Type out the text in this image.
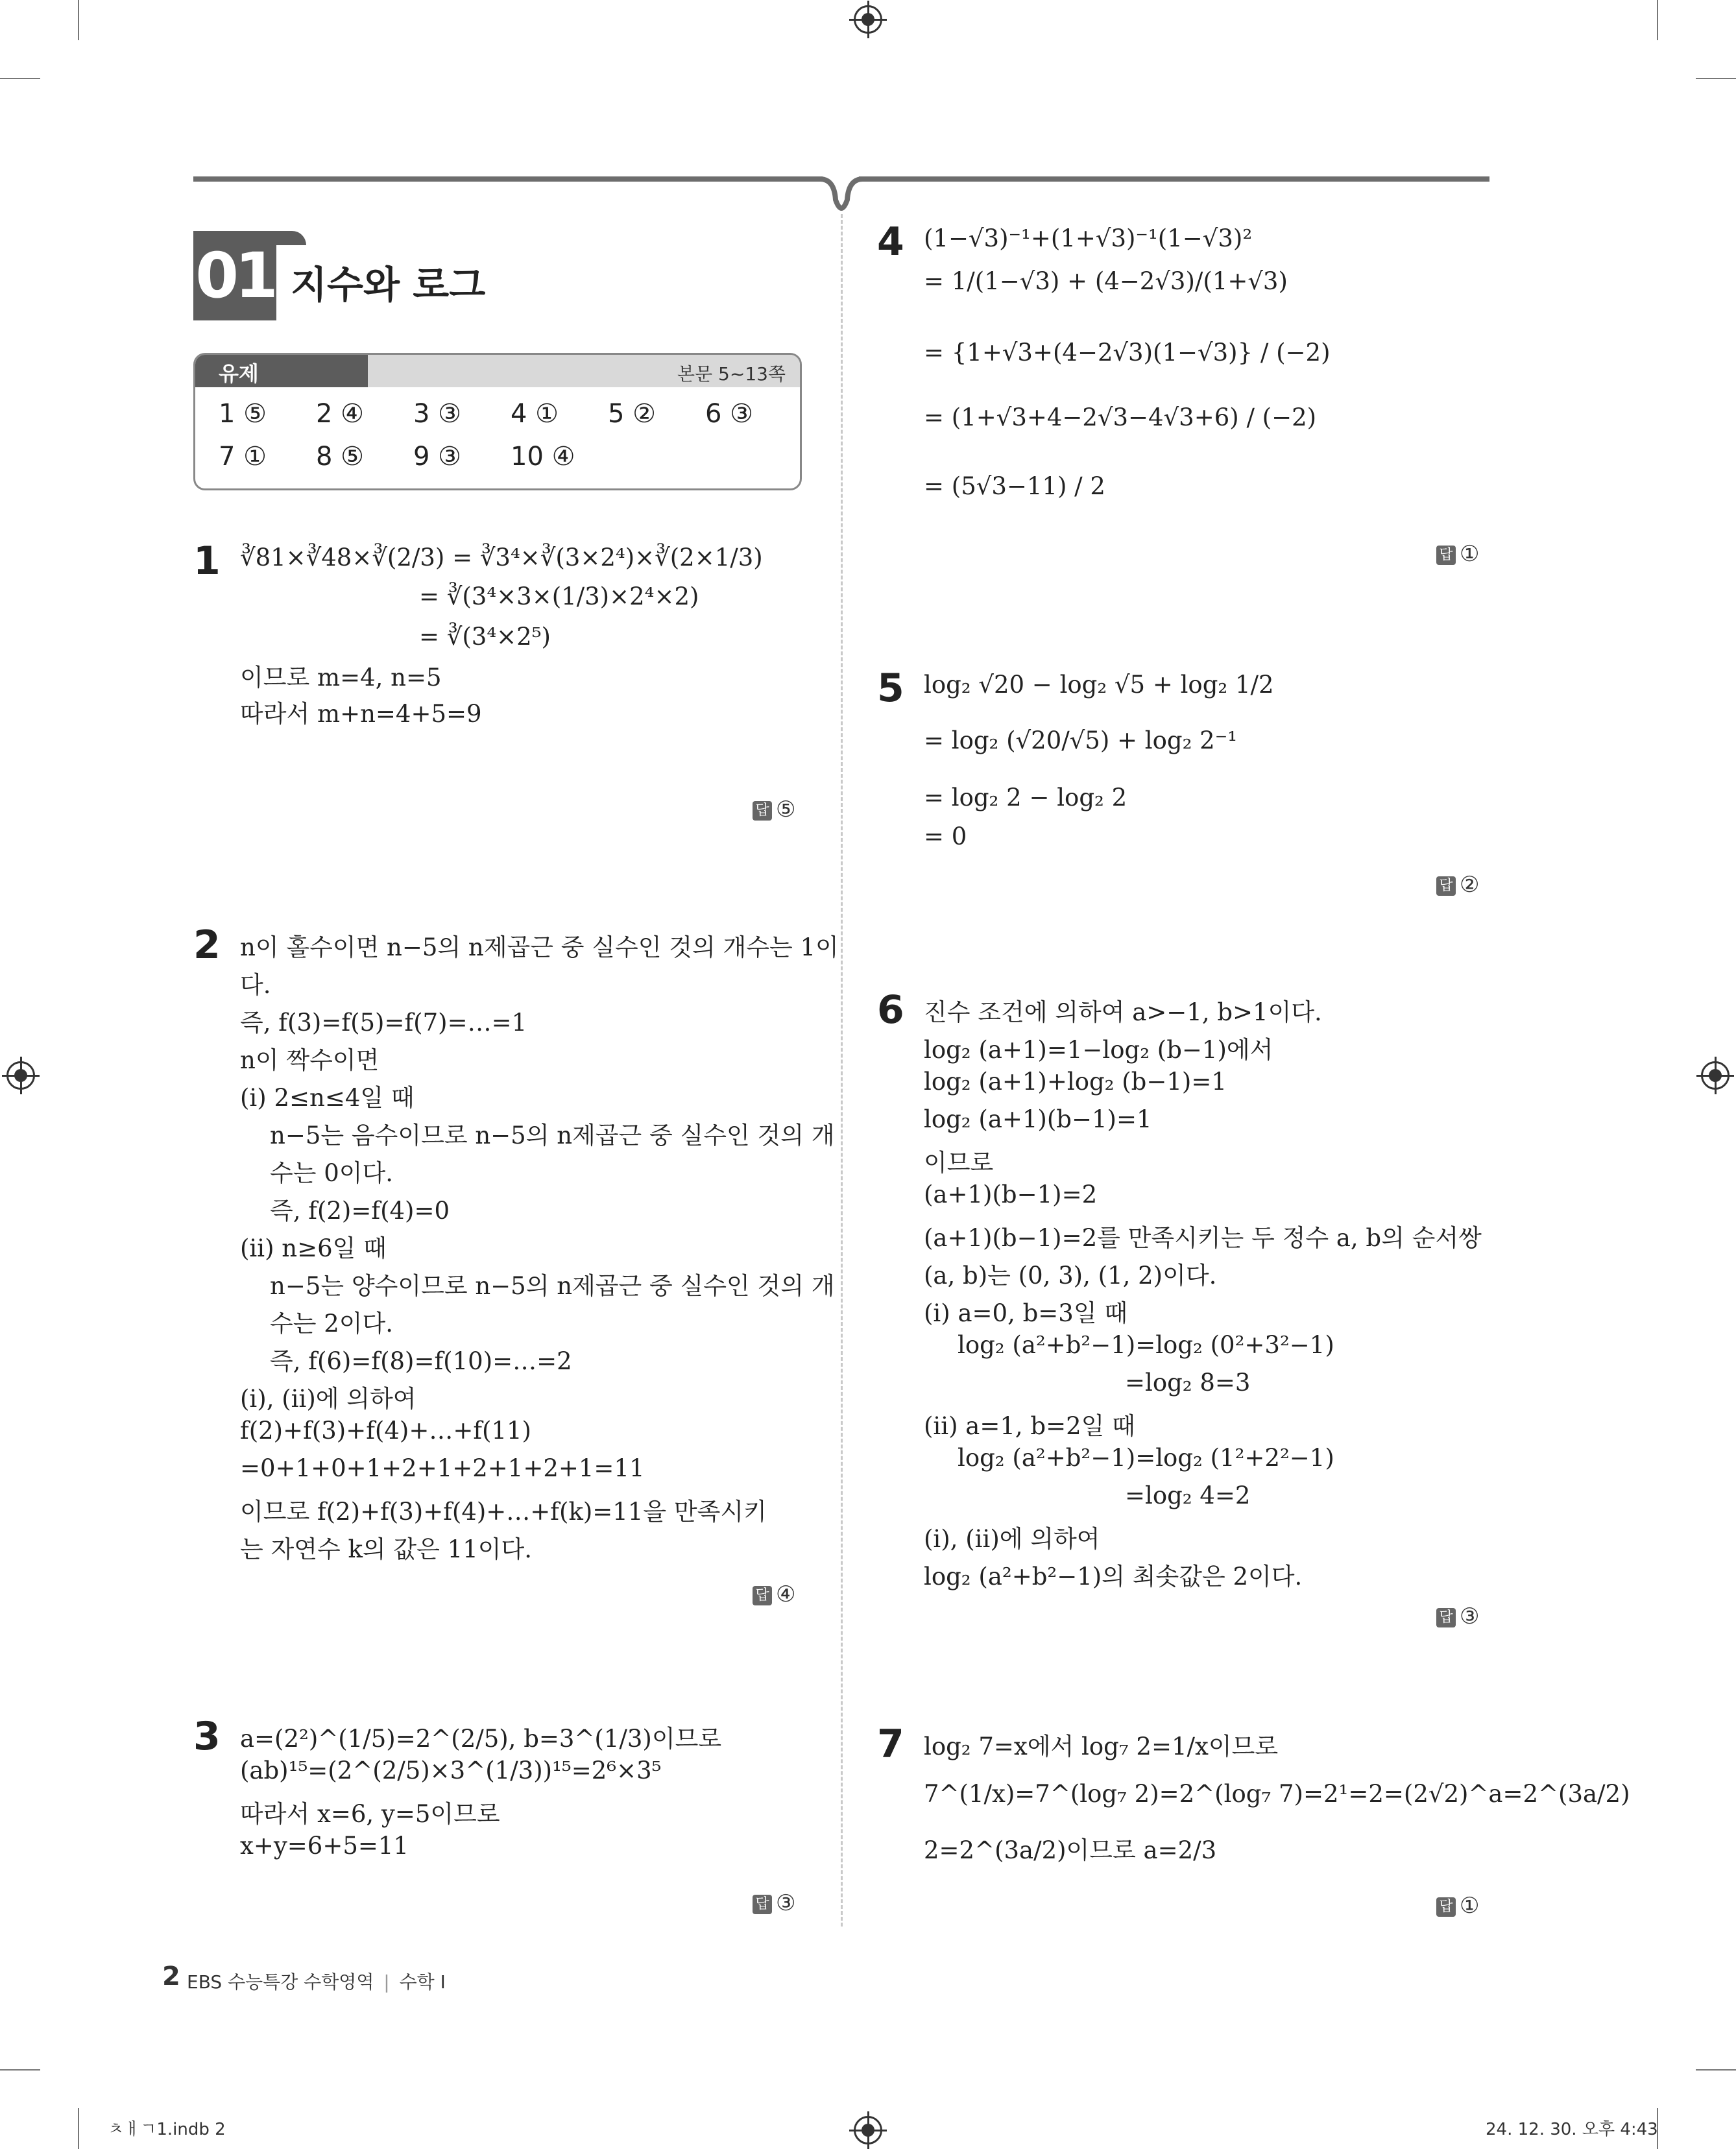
01 지수와 로그
유제	본문 5~13쪽
1 ⑤ 2 ④ 3 ③ 4 ① 5 ② 6 ③
7 ① 8 ⑤ 9 ③ 10 ④
1 ∛81×∛48×∛(2/3) = ∛3⁴×∛(3×2⁴)×∛(2×1/3)
= ∛(3⁴×3×(1/3)×2⁴×2)
= ∛(3⁴×2⁵)
이므로 m=4, n=5
따라서 m+n=4+5=9
답 ⑤
2 n이 홀수이면 n−5의 n제곱근 중 실수인 것의 개수는 1이
다.
즉, f(3)=f(5)=f(7)=…=1
n이 짝수이면
(ⅰ) 2≤n≤4일 때
n−5는 음수이므로 n−5의 n제곱근 중 실수인 것의 개
수는 0이다.
즉, f(2)=f(4)=0
(ⅱ) n≥6일 때
n−5는 양수이므로 n−5의 n제곱근 중 실수인 것의 개
수는 2이다.
즉, f(6)=f(8)=f(10)=…=2
(ⅰ), (ⅱ)에 의하여
f(2)+f(3)+f(4)+…+f(11)
=0+1+0+1+2+1+2+1+2+1=11
이므로 f(2)+f(3)+f(4)+…+f(k)=11을 만족시키
는 자연수 k의 값은 11이다.
답 ④
3 a=(2²)^(1/5)=2^(2/5), b=3^(1/3)이므로
(ab)¹⁵=(2^(2/5)×3^(1/3))¹⁵=2⁶×3⁵
따라서 x=6, y=5이므로
x+y=6+5=11
답 ③
4 (1−√3)⁻¹+(1+√3)⁻¹(1−√3)²
= 1/(1−√3) + (4−2√3)/(1+√3)
= {1+√3+(4−2√3)(1−√3)} / (−2)
= (1+√3+4−2√3−4√3+6) / (−2)
= (5√3−11) / 2
답 ①
5 log₂ √20 − log₂ √5 + log₂ 1/2
= log₂ (√20/√5) + log₂ 2⁻¹
= log₂ 2 − log₂ 2
= 0
답 ②
6 진수 조건에 의하여 a>−1, b>1이다.
log₂ (a+1)=1−log₂ (b−1)에서
log₂ (a+1)+log₂ (b−1)=1
log₂ (a+1)(b−1)=1
이므로
(a+1)(b−1)=2
(a+1)(b−1)=2를 만족시키는 두 정수 a, b의 순서쌍
(a, b)는 (0, 3), (1, 2)이다.
(ⅰ) a=0, b=3일 때
log₂ (a²+b²−1)=log₂ (0²+3²−1)
=log₂ 8=3
(ⅱ) a=1, b=2일 때
log₂ (a²+b²−1)=log₂ (1²+2²−1)
=log₂ 4=2
(ⅰ), (ⅱ)에 의하여
log₂ (a²+b²−1)의 최솟값은 2이다.
답 ③
7 log₂ 7=x에서 log₇ 2=1/x이므로
7^(1/x)=7^(log₇ 2)=2^(log₇ 7)=2¹=2=(2√2)^a=2^(3a/2)
2=2^(3a/2)이므로 a=2/3
답 ①
2 EBS 수능특강 수학영역 | 수학 Ⅰ
ㅊㅐㄱ1.indb 2	24. 12. 30. 오후 4:43
